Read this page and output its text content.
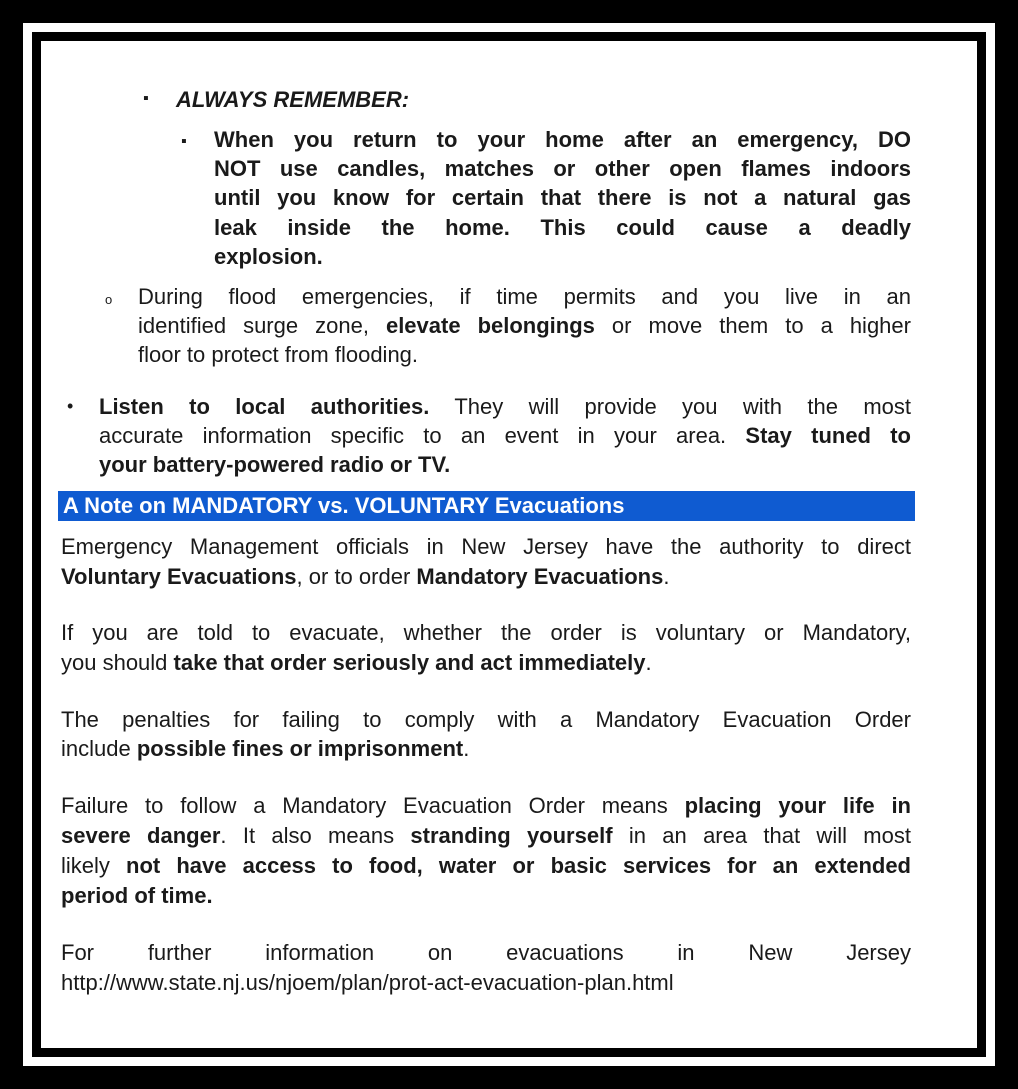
▪ ALWAYS REMEMBER:
▪ When you return to your home after an emergency, DO
NOT use candles, matches or other open flames indoors
until you know for certain that there is not a natural gas
leak inside the home. This could cause a deadly
explosion.
o During flood emergencies, if time permits and you live in an
identified surge zone, elevate belongings or move them to a higher
floor to protect from flooding.
• Listen to local authorities. They will provide you with the most
accurate information specific to an event in your area. Stay tuned to
your battery-powered radio or TV.
A Note on MANDATORY vs. VOLUNTARY Evacuations
Emergency Management officials in New Jersey have the authority to direct
Voluntary Evacuations, or to order Mandatory Evacuations.
If you are told to evacuate, whether the order is voluntary or Mandatory,
you should take that order seriously and act immediately.
The penalties for failing to comply with a Mandatory Evacuation Order
include possible fines or imprisonment.
Failure to follow a Mandatory Evacuation Order means placing your life in
severe danger. It also means stranding yourself in an area that will most
likely not have access to food, water or basic services for an extended
period of time.
For further information on evacuations in New Jersey
http://www.state.nj.us/njoem/plan/prot-act-evacuation-plan.html
